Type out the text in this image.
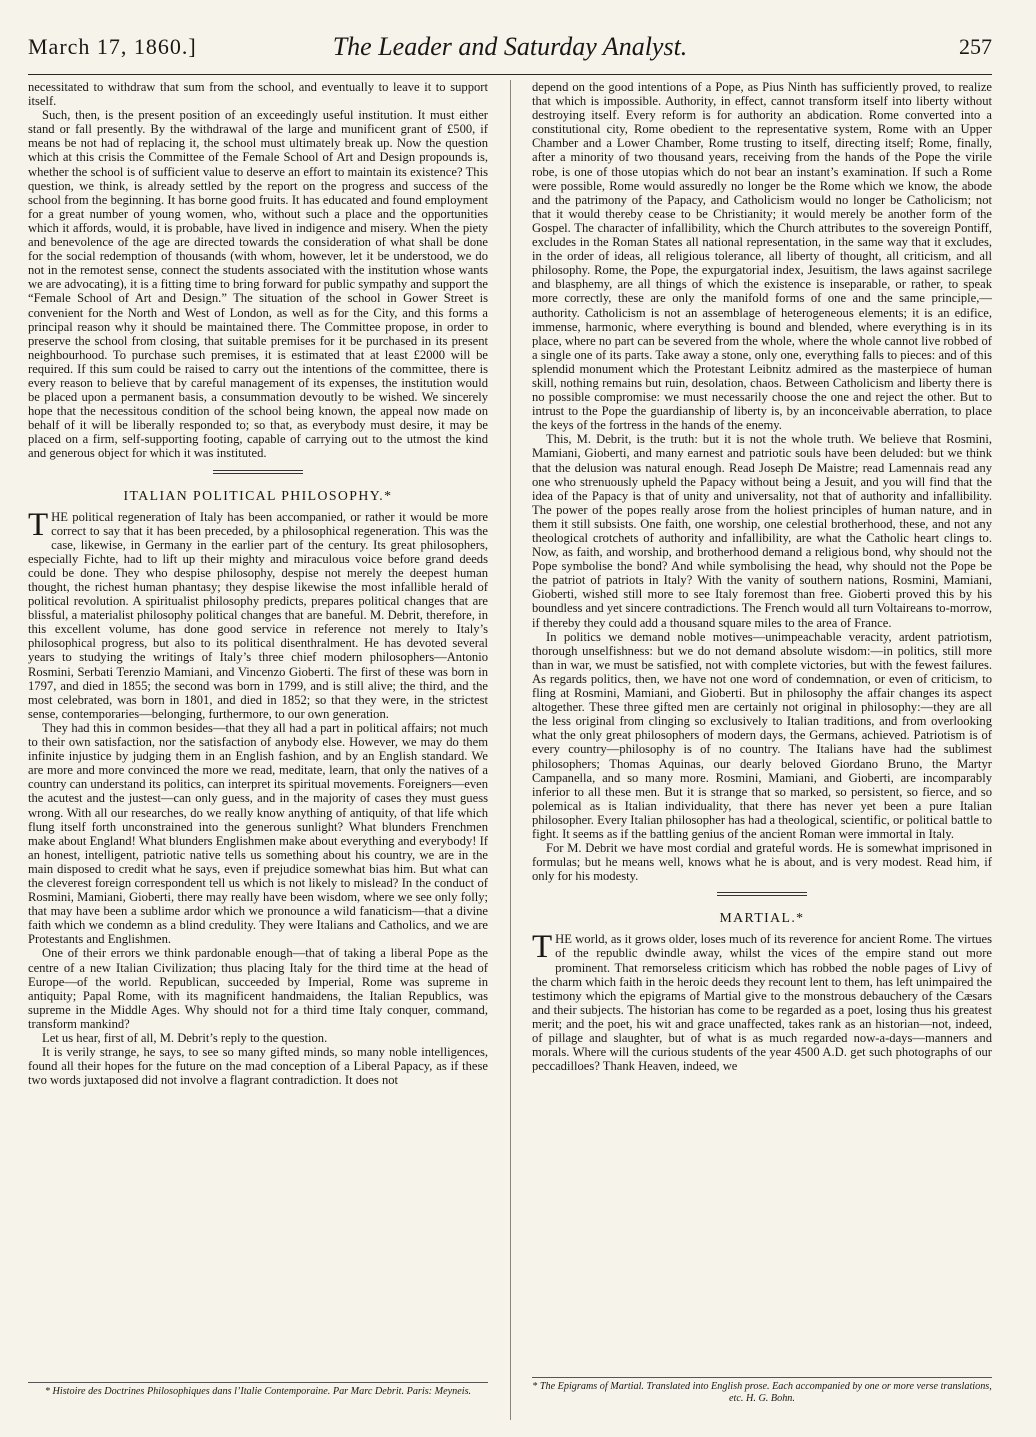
March 17, 1860.]	The Leader and Saturday Analyst.	257

necessitated to withdraw that sum from the school, and eventually to leave it to support itself.

Such, then, is the present position of an exceedingly useful institution. It must either stand or fall presently. By the withdrawal of the large and munificent grant of £500, if means be not had of replacing it, the school must ultimately break up. Now the question which at this crisis the Committee of the Female School of Art and Design propounds is, whether the school is of sufficient value to deserve an effort to maintain its existence? This question, we think, is already settled by the report on the progress and success of the school from the beginning. It has borne good fruits. It has educated and found employment for a great number of young women, who, without such a place and the opportunities which it affords, would, it is probable, have lived in indigence and misery. When the piety and benevolence of the age are directed towards the consideration of what shall be done for the social redemption of thousands (with whom, however, let it be understood, we do not in the remotest sense, connect the students associated with the institution whose wants we are advocating), it is a fitting time to bring forward for public sympathy and support the “Female School of Art and Design.” The situation of the school in Gower Street is convenient for the North and West of London, as well as for the City, and this forms a principal reason why it should be maintained there. The Committee propose, in order to preserve the school from closing, that suitable premises for it be purchased in its present neighbourhood. To purchase such premises, it is estimated that at least £2000 will be required. If this sum could be raised to carry out the intentions of the committee, there is every reason to believe that by careful management of its expenses, the institution would be placed upon a permanent basis, a consummation devoutly to be wished. We sincerely hope that the necessitous condition of the school being known, the appeal now made on behalf of it will be liberally responded to; so that, as everybody must desire, it may be placed on a firm, self-supporting footing, capable of carrying out to the utmost the kind and generous object for which it was instituted.

ITALIAN POLITICAL PHILOSOPHY.*

THE political regeneration of Italy has been accompanied, or rather it would be more correct to say that it has been preceded, by a philosophical regeneration. This was the case, likewise, in Germany in the earlier part of the century. Its great philosophers, especially Fichte, had to lift up their mighty and miraculous voice before grand deeds could be done. They who despise philosophy, despise not merely the deepest human thought, the richest human phantasy; they despise likewise the most infallible herald of political revolution. A spiritualist philosophy predicts, prepares political changes that are blissful, a materialist philosophy political changes that are baneful. M. Debrit, therefore, in this excellent volume, has done good service in reference not merely to Italy’s philosophical progress, but also to its political disenthralment. He has devoted several years to studying the writings of Italy’s three chief modern philosophers—Antonio Rosmini, Serbati Terenzio Mamiani, and Vincenzo Gioberti. The first of these was born in 1797, and died in 1855; the second was born in 1799, and is still alive; the third, and the most celebrated, was born in 1801, and died in 1852; so that they were, in the strictest sense, contemporaries—belonging, furthermore, to our own generation.

They had this in common besides—that they all had a part in political affairs; not much to their own satisfaction, nor the satisfaction of anybody else. However, we may do them infinite injustice by judging them in an English fashion, and by an English standard. We are more and more convinced the more we read, meditate, learn, that only the natives of a country can understand its politics, can interpret its spiritual movements. Foreigners—even the acutest and the justest—can only guess, and in the majority of cases they must guess wrong. With all our researches, do we really know anything of antiquity, of that life which flung itself forth unconstrained into the generous sunlight? What blunders Frenchmen make about England! What blunders Englishmen make about everything and everybody! If an honest, intelligent, patriotic native tells us something about his country, we are in the main disposed to credit what he says, even if prejudice somewhat bias him. But what can the cleverest foreign correspondent tell us which is not likely to mislead? In the conduct of Rosmini, Mamiani, Gioberti, there may really have been wisdom, where we see only folly; that may have been a sublime ardor which we pronounce a wild fanaticism—that a divine faith which we condemn as a blind credulity. They were Italians and Catholics, and we are Protestants and Englishmen.

One of their errors we think pardonable enough—that of taking a liberal Pope as the centre of a new Italian Civilization; thus placing Italy for the third time at the head of Europe—of the world. Republican, succeeded by Imperial, Rome was supreme in antiquity; Papal Rome, with its magnificent handmaidens, the Italian Republics, was supreme in the Middle Ages. Why should not for a third time Italy conquer, command, transform mankind?

Let us hear, first of all, M. Debrit’s reply to the question.

It is verily strange, he says, to see so many gifted minds, so many noble intelligences, found all their hopes for the future on the mad conception of a Liberal Papacy, as if these two words juxtaposed did not involve a flagrant contradiction. It does not

* Histoire des Doctrines Philosophiques dans l’Italie Contemporaine. Par Marc Debrit. Paris: Meyneis.

depend on the good intentions of a Pope, as Pius Ninth has sufficiently proved, to realize that which is impossible. Authority, in effect, cannot transform itself into liberty without destroying itself. Every reform is for authority an abdication. Rome converted into a constitutional city, Rome obedient to the representative system, Rome with an Upper Chamber and a Lower Chamber, Rome trusting to itself, directing itself; Rome, finally, after a minority of two thousand years, receiving from the hands of the Pope the virile robe, is one of those utopias which do not bear an instant’s examination. If such a Rome were possible, Rome would assuredly no longer be the Rome which we know, the abode and the patrimony of the Papacy, and Catholicism would no longer be Catholicism; not that it would thereby cease to be Christianity; it would merely be another form of the Gospel. The character of infallibility, which the Church attributes to the sovereign Pontiff, excludes in the Roman States all national representation, in the same way that it excludes, in the order of ideas, all religious tolerance, all liberty of thought, all criticism, and all philosophy. Rome, the Pope, the expurgatorial index, Jesuitism, the laws against sacrilege and blasphemy, are all things of which the existence is inseparable, or rather, to speak more correctly, these are only the manifold forms of one and the same principle,—authority. Catholicism is not an assemblage of heterogeneous elements; it is an edifice, immense, harmonic, where everything is bound and blended, where everything is in its place, where no part can be severed from the whole, where the whole cannot live robbed of a single one of its parts. Take away a stone, only one, everything falls to pieces: and of this splendid monument which the Protestant Leibnitz admired as the masterpiece of human skill, nothing remains but ruin, desolation, chaos. Between Catholicism and liberty there is no possible compromise: we must necessarily choose the one and reject the other. But to intrust to the Pope the guardianship of liberty is, by an inconceivable aberration, to place the keys of the fortress in the hands of the enemy.

This, M. Debrit, is the truth: but it is not the whole truth. We believe that Rosmini, Mamiani, Gioberti, and many earnest and patriotic souls have been deluded: but we think that the delusion was natural enough. Read Joseph De Maistre; read Lamennais read any one who strenuously upheld the Papacy without being a Jesuit, and you will find that the idea of the Papacy is that of unity and universality, not that of authority and infallibility. The power of the popes really arose from the holiest principles of human nature, and in them it still subsists. One faith, one worship, one celestial brotherhood, these, and not any theological crotchets of authority and infallibility, are what the Catholic heart clings to. Now, as faith, and worship, and brotherhood demand a religious bond, why should not the Pope symbolise the bond? And while symbolising the head, why should not the Pope be the patriot of patriots in Italy? With the vanity of southern nations, Rosmini, Mamiani, Gioberti, wished still more to see Italy foremost than free. Gioberti proved this by his boundless and yet sincere contradictions. The French would all turn Voltaireans to-morrow, if thereby they could add a thousand square miles to the area of France.

In politics we demand noble motives—unimpeachable veracity, ardent patriotism, thorough unselfishness: but we do not demand absolute wisdom:—in politics, still more than in war, we must be satisfied, not with complete victories, but with the fewest failures. As regards politics, then, we have not one word of condemnation, or even of criticism, to fling at Rosmini, Mamiani, and Gioberti. But in philosophy the affair changes its aspect altogether. These three gifted men are certainly not original in philosophy:—they are all the less original from clinging so exclusively to Italian traditions, and from overlooking what the only great philosophers of modern days, the Germans, achieved. Patriotism is of every country—philosophy is of no country. The Italians have had the sublimest philosophers; Thomas Aquinas, our dearly beloved Giordano Bruno, the Martyr Campanella, and so many more. Rosmini, Mamiani, and Gioberti, are incomparably inferior to all these men. But it is strange that so marked, so persistent, so fierce, and so polemical as is Italian individuality, that there has never yet been a pure Italian philosopher. Every Italian philosopher has had a theological, scientific, or political battle to fight. It seems as if the battling genius of the ancient Roman were immortal in Italy.

For M. Debrit we have most cordial and grateful words. He is somewhat imprisoned in formulas; but he means well, knows what he is about, and is very modest. Read him, if only for his modesty.

MARTIAL.*

THE world, as it grows older, loses much of its reverence for ancient Rome. The virtues of the republic dwindle away, whilst the vices of the empire stand out more prominent. That remorseless criticism which has robbed the noble pages of Livy of the charm which faith in the heroic deeds they recount lent to them, has left unimpaired the testimony which the epigrams of Martial give to the monstrous debauchery of the Cæsars and their subjects. The historian has come to be regarded as a poet, losing thus his greatest merit; and the poet, his wit and grace unaffected, takes rank as an historian—not, indeed, of pillage and slaughter, but of what is as much regarded now-a-days—manners and morals. Where will the curious students of the year 4500 A.D. get such photographs of our peccadilloes? Thank Heaven, indeed, we

* The Epigrams of Martial. Translated into English prose. Each accompanied by one or more verse translations, etc. H. G. Bohn.
